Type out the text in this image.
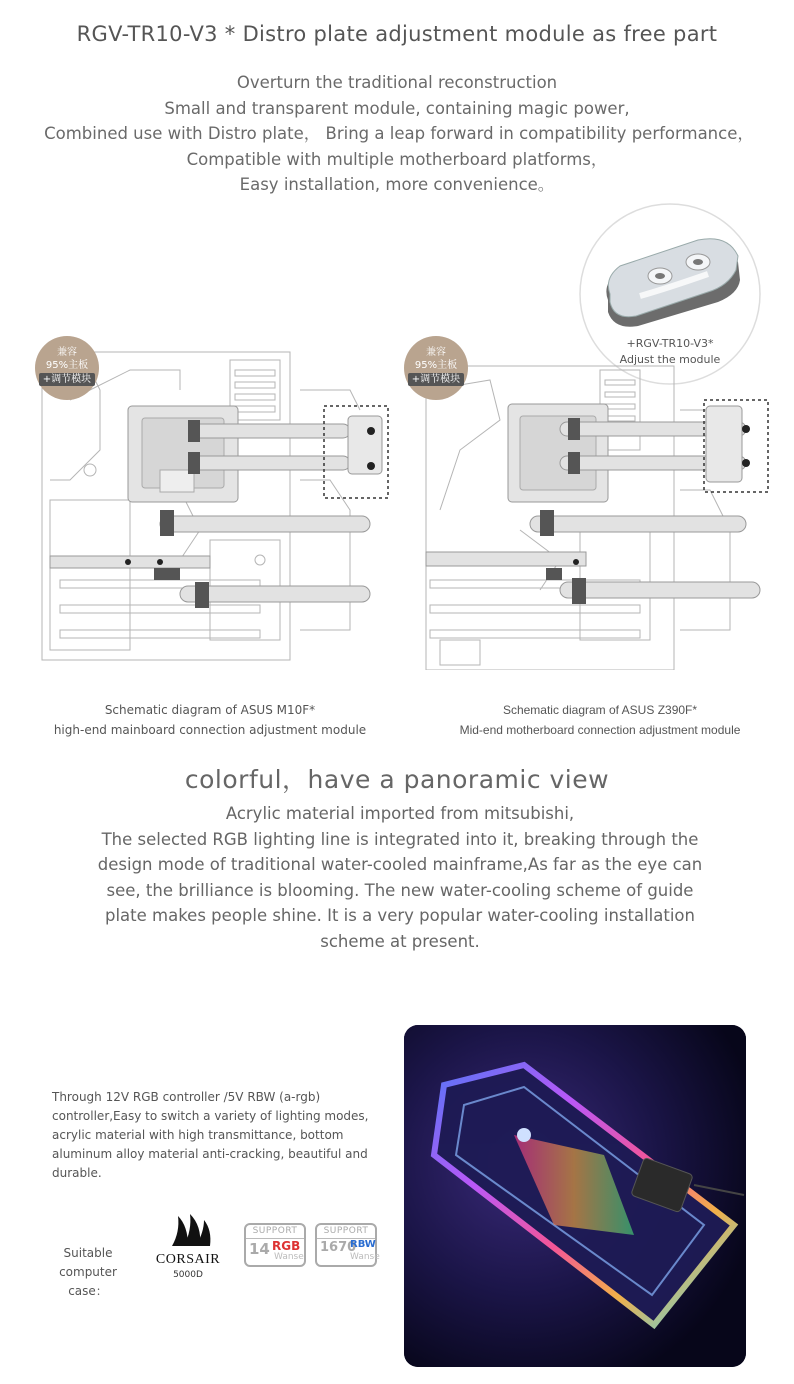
RGV-TR10-V3 * Distro plate adjustment module as free part
Overturn the traditional reconstruction
Small and transparent module, containing magic power,
Combined use with Distro plate， Bring a leap forward in compatibility performance，
Compatible with multiple motherboard platforms，
Easy installation, more convenience。
+RGV-TR10-V3*
Adjust the module
兼容
95%主板
+调节模块
Schematic diagram of ASUS M10F*
high-end mainboard connection adjustment module
兼容
95%主板
+调节模块
Schematic diagram of ASUS Z390F*
Mid-end motherboard connection adjustment module
colorful，have a panoramic view
Acrylic material imported from mitsubishi,
The selected RGB lighting line is integrated into it, breaking through the
design mode of traditional water-cooled mainframe,As far as the eye can
see, the brilliance is blooming. The new water-cooling scheme of guide
plate makes people shine. It is a very popular water-cooling installation
scheme at present.
Through 12V RGB controller /5V RBW (a-rgb)
controller,Easy to switch a variety of lighting modes,
acrylic material with high transmittance, bottom
aluminum alloy material anti-cracking, beautiful and
durable.
Suitable
computer case：
CORSAIR
5000D
SUPPORT
14 RGB
Wanse
SUPPORT
1670
RBW
Wanse
